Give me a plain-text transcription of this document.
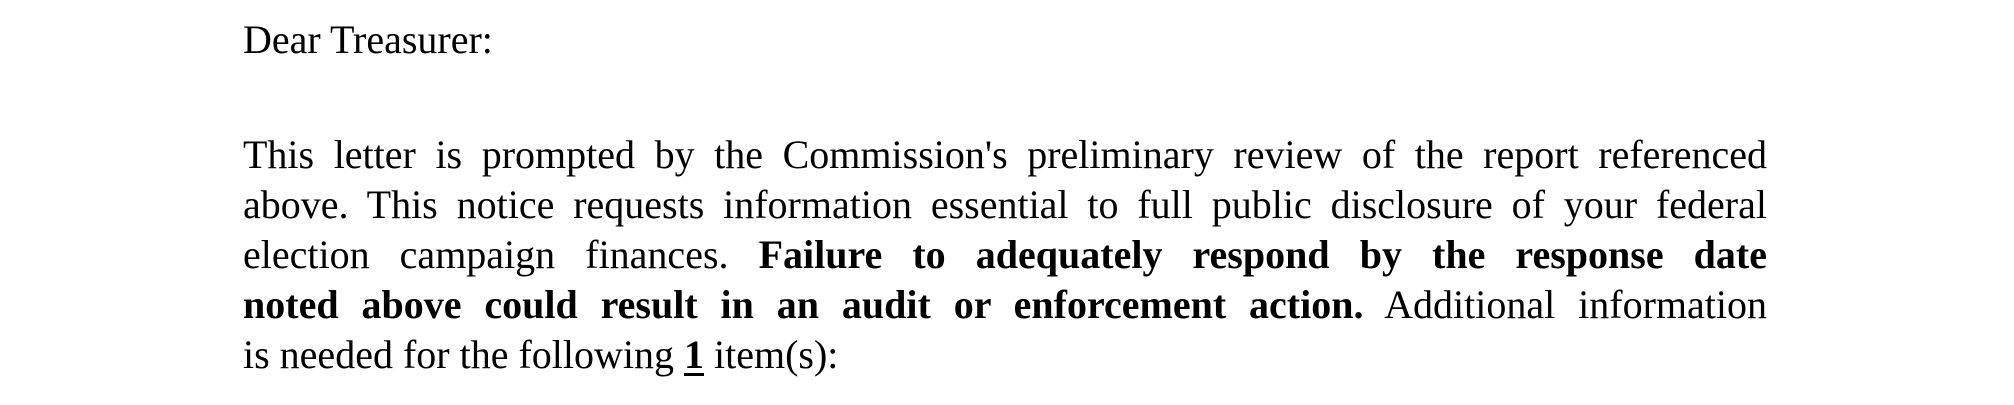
Dear Treasurer:

This letter is prompted by the Commission's preliminary review of the report referenced
above. This notice requests information essential to full public disclosure of your federal
election campaign finances. Failure to adequately respond by the response date
noted above could result in an audit or enforcement action. Additional information
is needed for the following 1 item(s):
